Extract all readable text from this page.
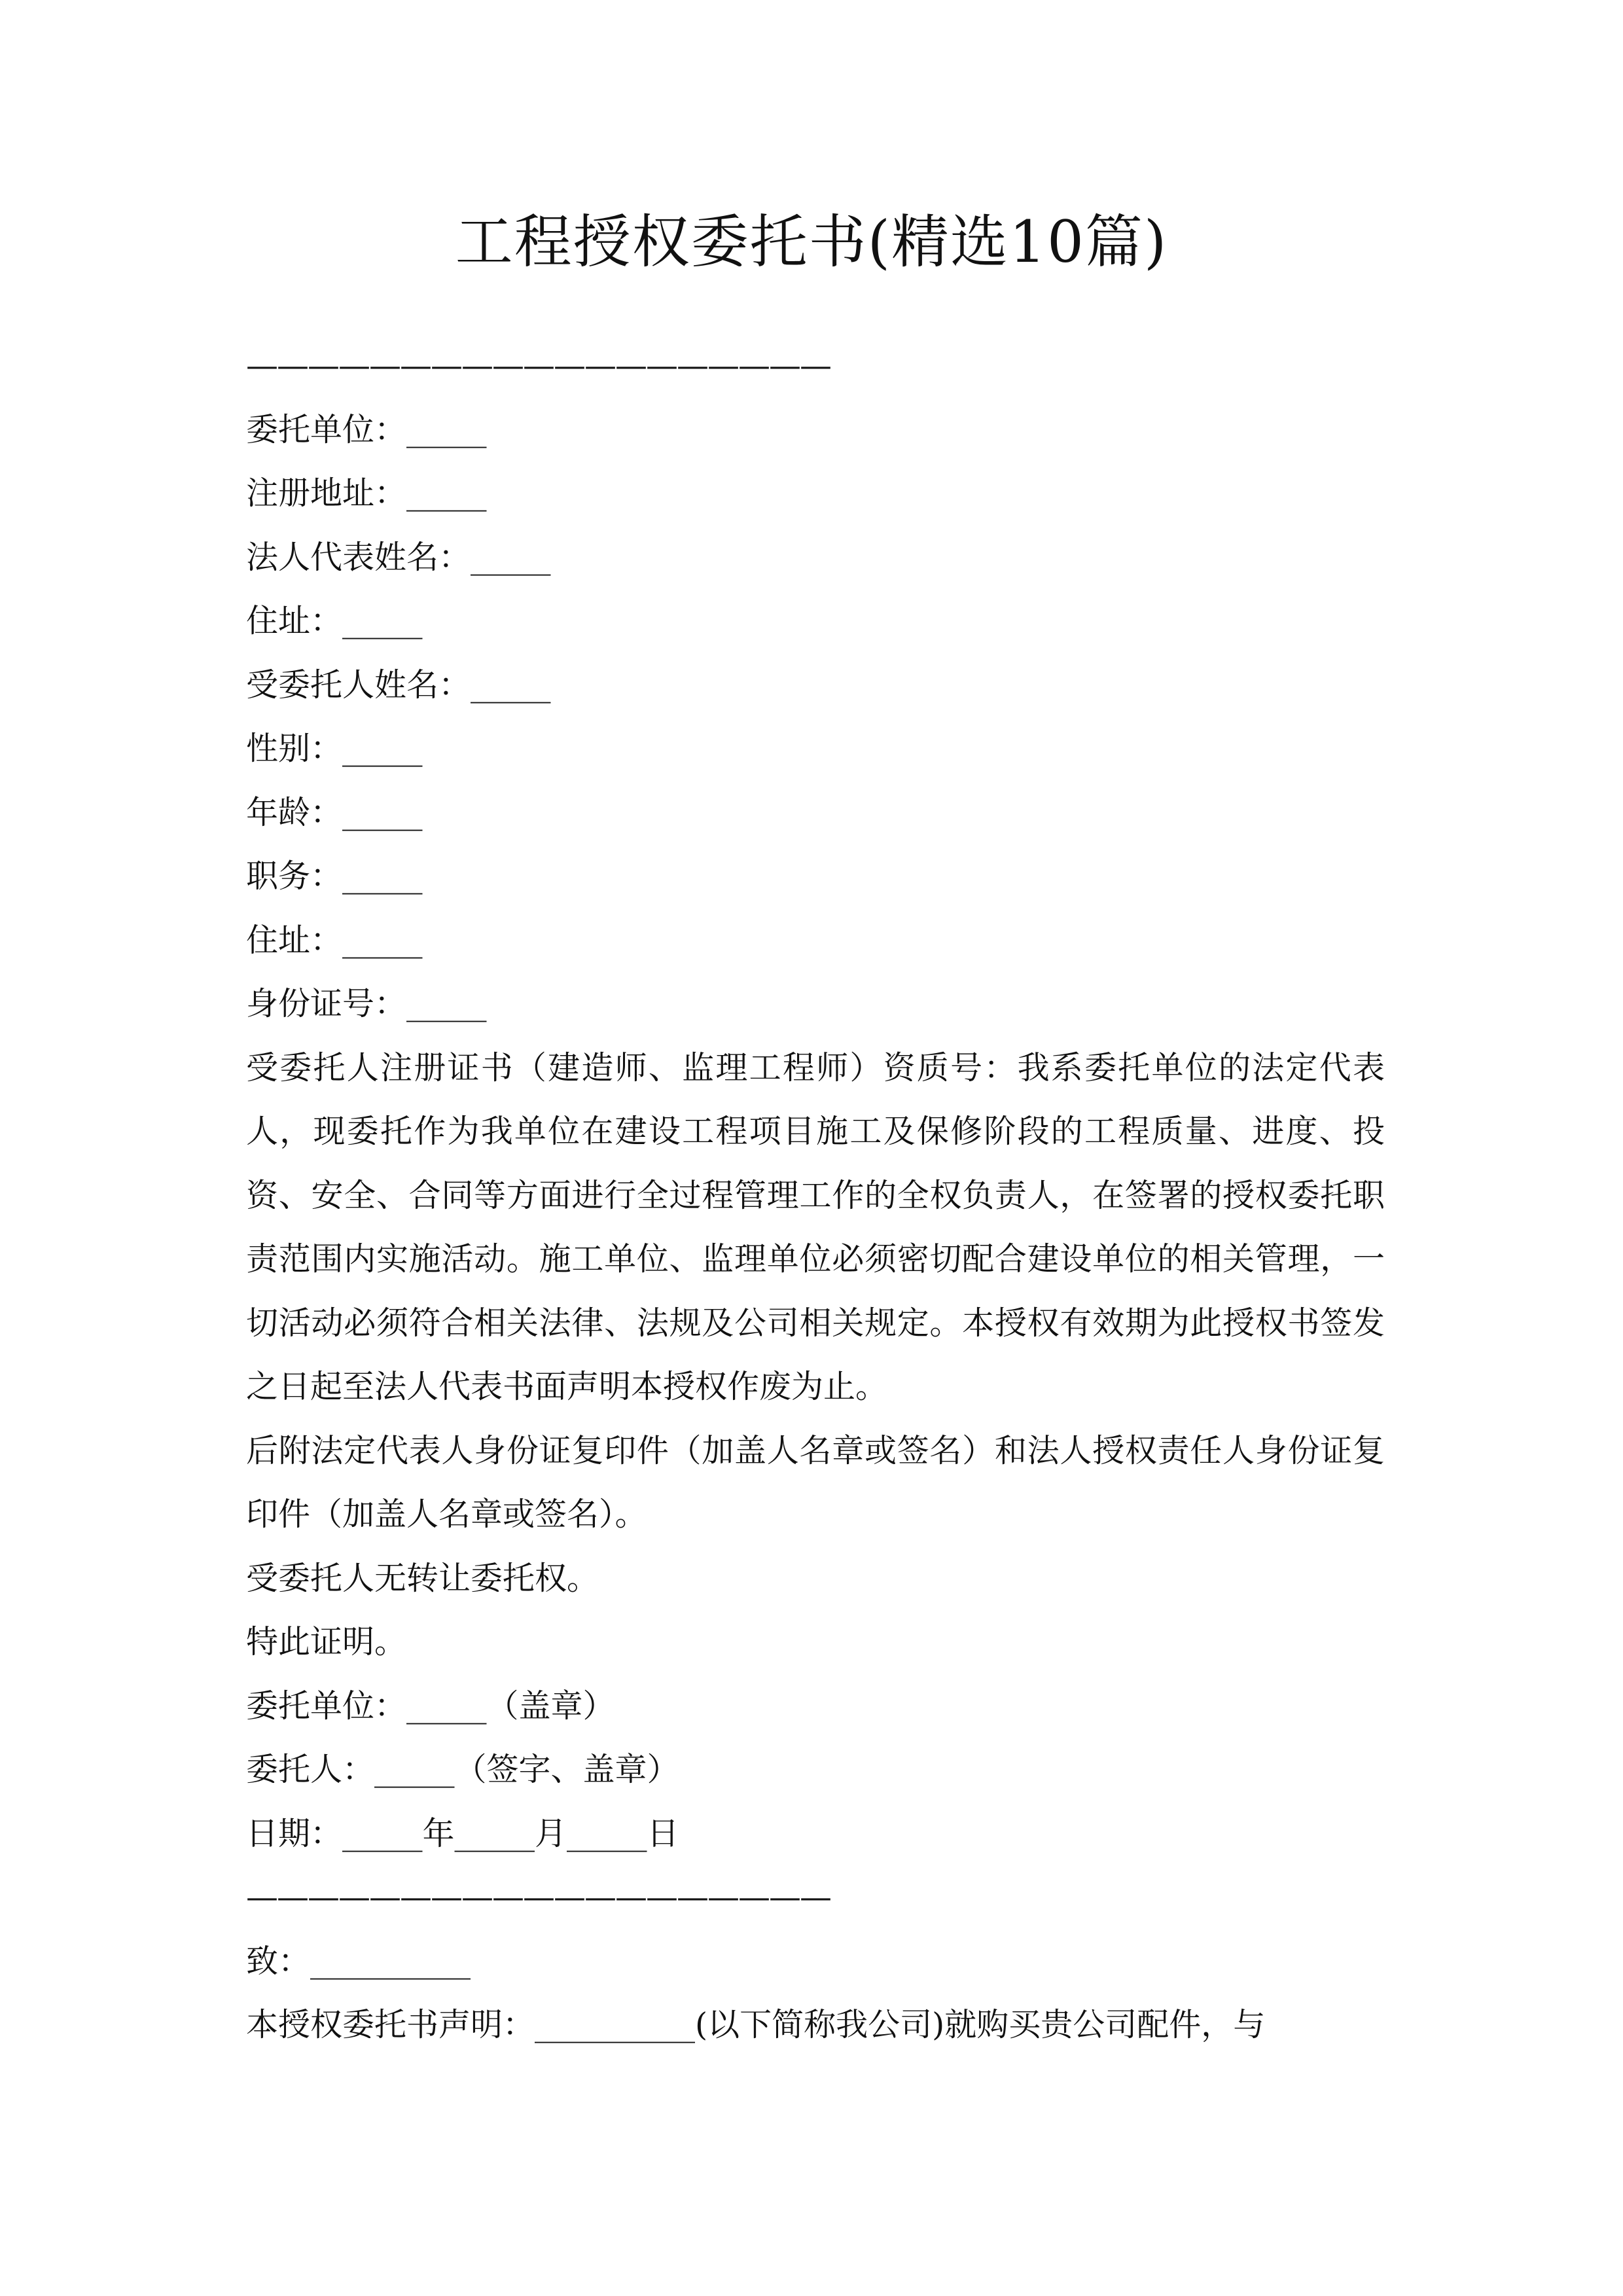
工程授权委托书(精选10篇)
———————————————————
委托单位：_____
注册地址：_____
法人代表姓名：_____
住址：_____
受委托人姓名：_____
性别：_____
年龄：_____
职务：_____
住址：_____
身份证号：_____
受委托人注册证书（建造师、监理工程师）资质号：我系委托单位的法定代表人，现委托作为我单位在建设工程项目施工及保修阶段的工程质量、进度、投资、安全、合同等方面进行全过程管理工作的全权负责人，在签署的授权委托职责范围内实施活动。施工单位、监理单位必须密切配合建设单位的相关管理，一切活动必须符合相关法律、法规及公司相关规定。本授权有效期为此授权书签发之日起至法人代表书面声明本授权作废为止。
后附法定代表人身份证复印件（加盖人名章或签名）和法人授权责任人身份证复印件（加盖人名章或签名）。
受委托人无转让委托权。
特此证明。
委托单位：_____（盖章）
委托人：_____（签字、盖章）
日期：_____年_____月_____日
———————————————————
致：__________
本授权委托书声明：__________(以下简称我公司)就购买贵公司配件，与
